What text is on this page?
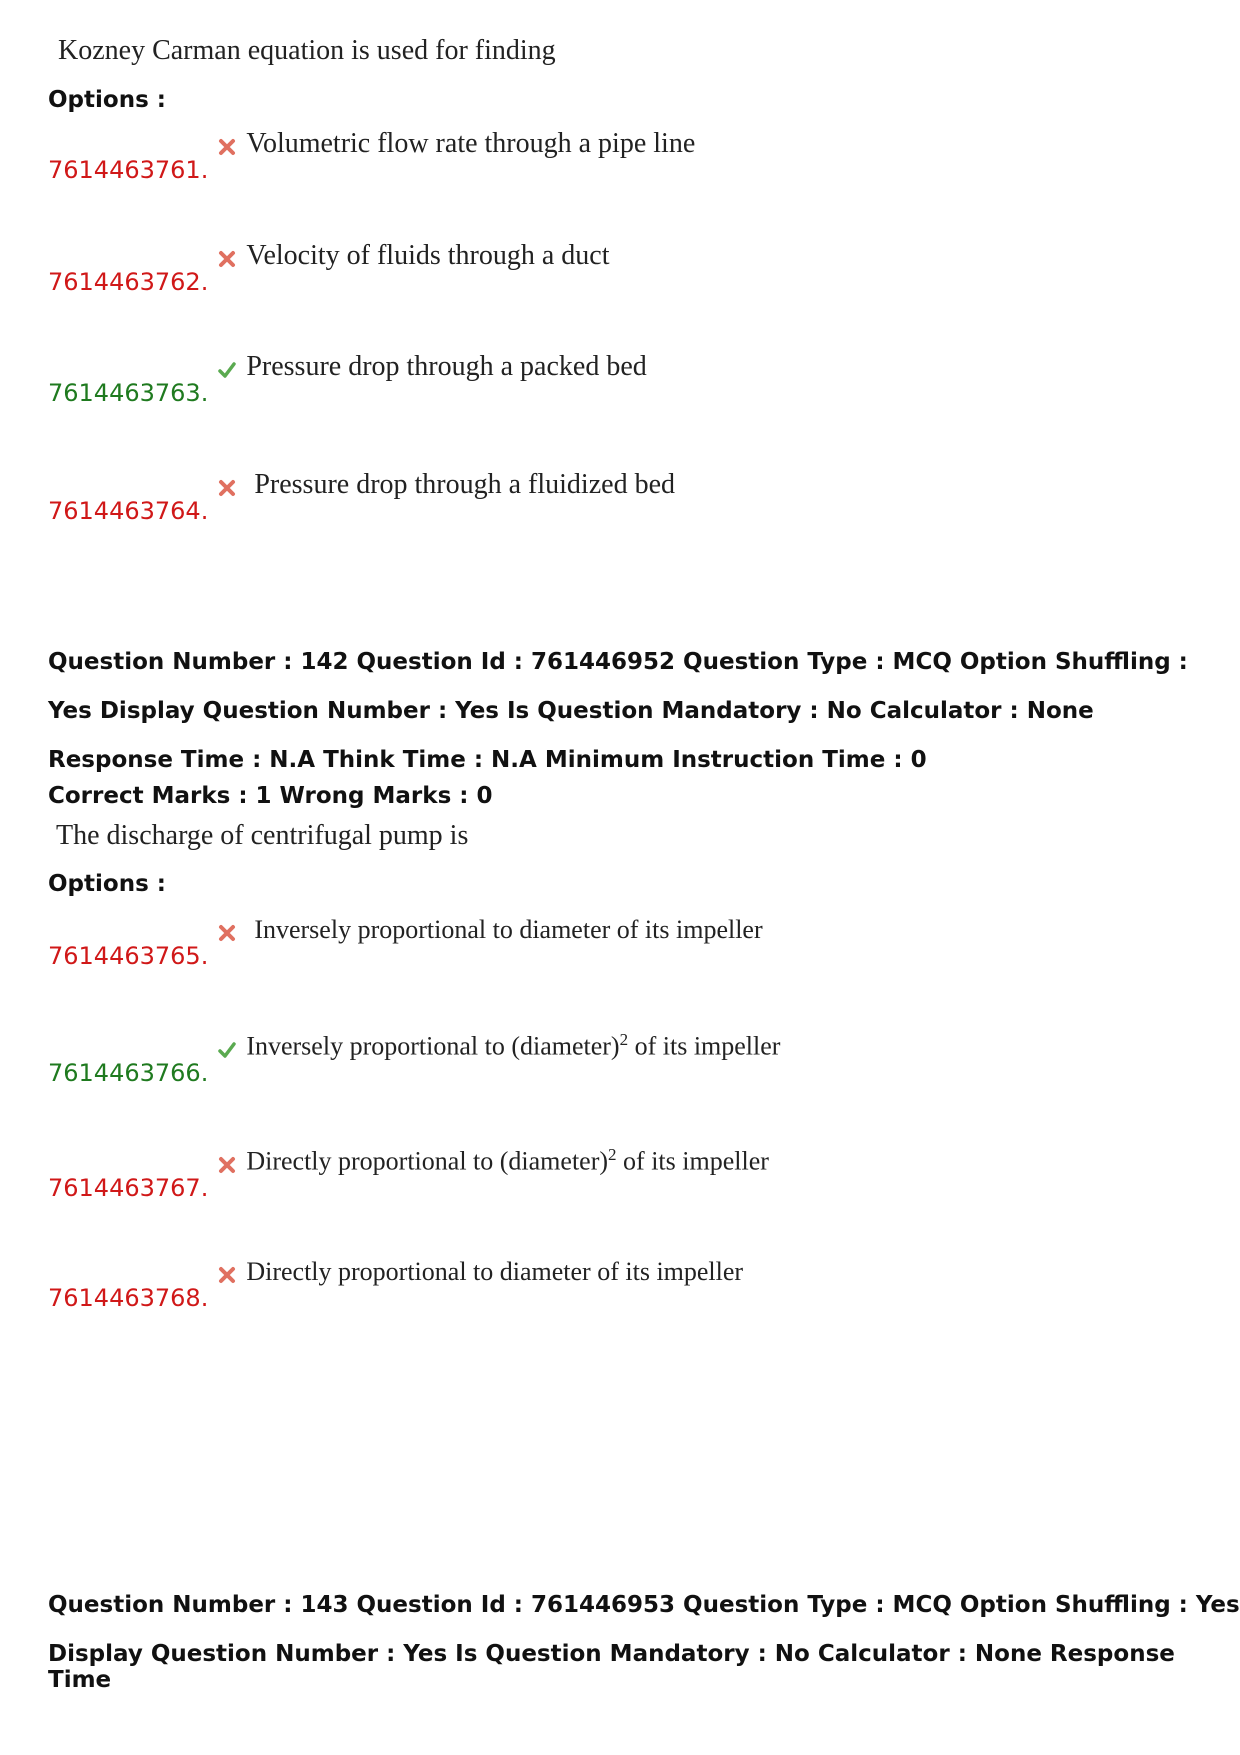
Kozney Carman equation is used for finding
Options :
7614463761.
Volumetric flow rate through a pipe line
7614463762.
Velocity of fluids through a duct
7614463763.
Pressure drop through a packed bed
7614463764.
Pressure drop through a fluidized bed
Question Number : 142 Question Id : 761446952 Question Type : MCQ Option Shuffling : Yes Display Question Number : Yes Is Question Mandatory : No Calculator : None Response Time : N.A Think Time : N.A Minimum Instruction Time : 0
Correct Marks : 1 Wrong Marks : 0
The discharge of centrifugal pump is
Options :
7614463765.
Inversely proportional to diameter of its impeller
7614463766.
Inversely proportional to (diameter)$^2$ of its impeller
7614463767.
Directly proportional to (diameter)$^2$ of its impeller
7614463768.
Directly proportional to diameter of its impeller
Question Number : 143 Question Id : 761446953 Question Type : MCQ Option Shuffling : Yes
Display Question Number : Yes Is Question Mandatory : No Calculator : None Response Time
